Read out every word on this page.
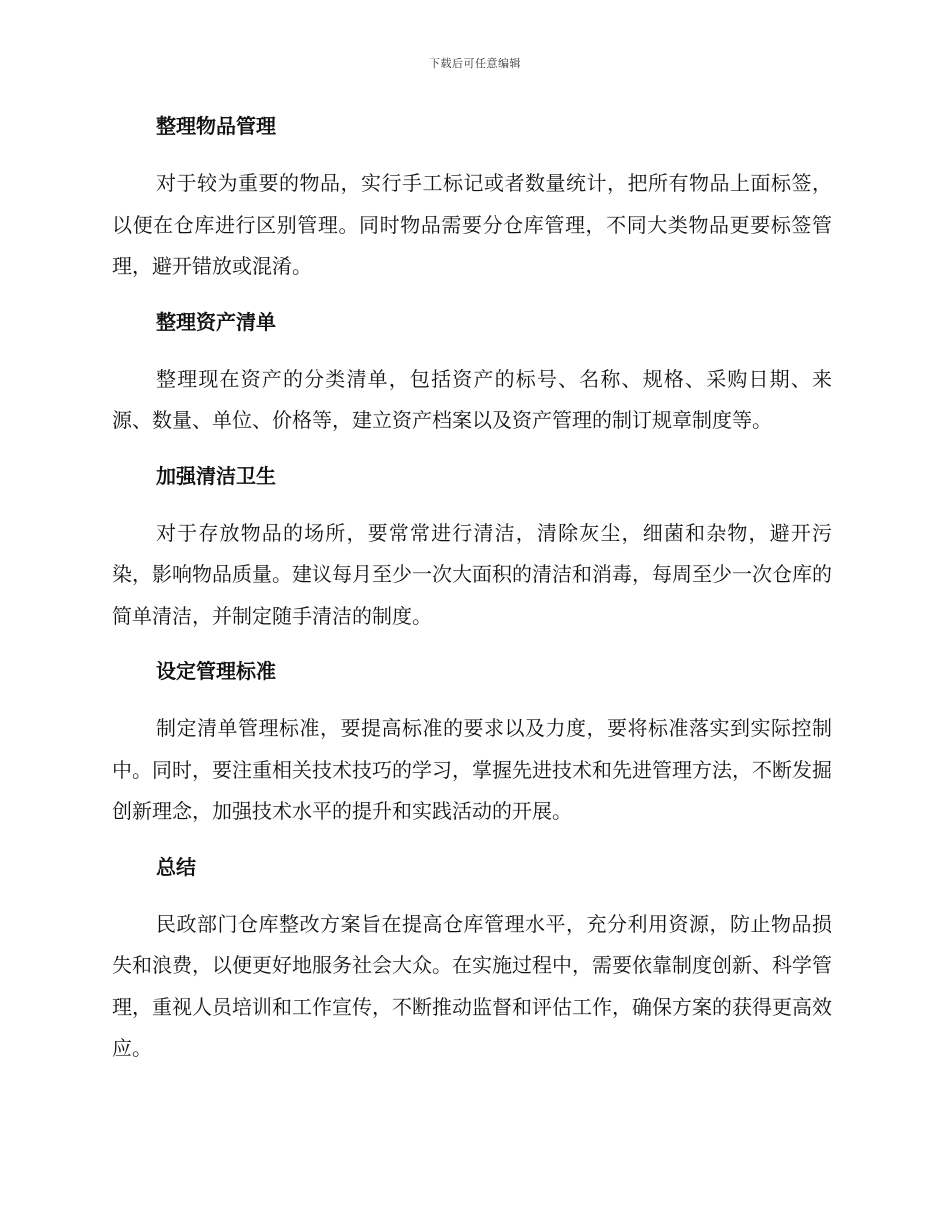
下载后可任意编辑
整理物品管理

对于较为重要的物品，实行手工标记或者数量统计，把所有物品上面标签，以便在仓库进行区别管理。同时物品需要分仓库管理，不同大类物品更要标签管理，避开错放或混淆。

整理资产清单

整理现在资产的分类清单，包括资产的标号、名称、规格、采购日期、来源、数量、单位、价格等，建立资产档案以及资产管理的制订规章制度等。

加强清洁卫生

对于存放物品的场所，要常常进行清洁，清除灰尘，细菌和杂物，避开污染，影响物品质量。建议每月至少一次大面积的清洁和消毒，每周至少一次仓库的简单清洁，并制定随手清洁的制度。

设定管理标准

制定清单管理标准，要提高标准的要求以及力度，要将标准落实到实际控制中。同时，要注重相关技术技巧的学习，掌握先进技术和先进管理方法，不断发掘创新理念，加强技术水平的提升和实践活动的开展。

总结

民政部门仓库整改方案旨在提高仓库管理水平，充分利用资源，防止物品损失和浪费，以便更好地服务社会大众。在实施过程中，需要依靠制度创新、科学管理，重视人员培训和工作宣传，不断推动监督和评估工作，确保方案的获得更高效应。
